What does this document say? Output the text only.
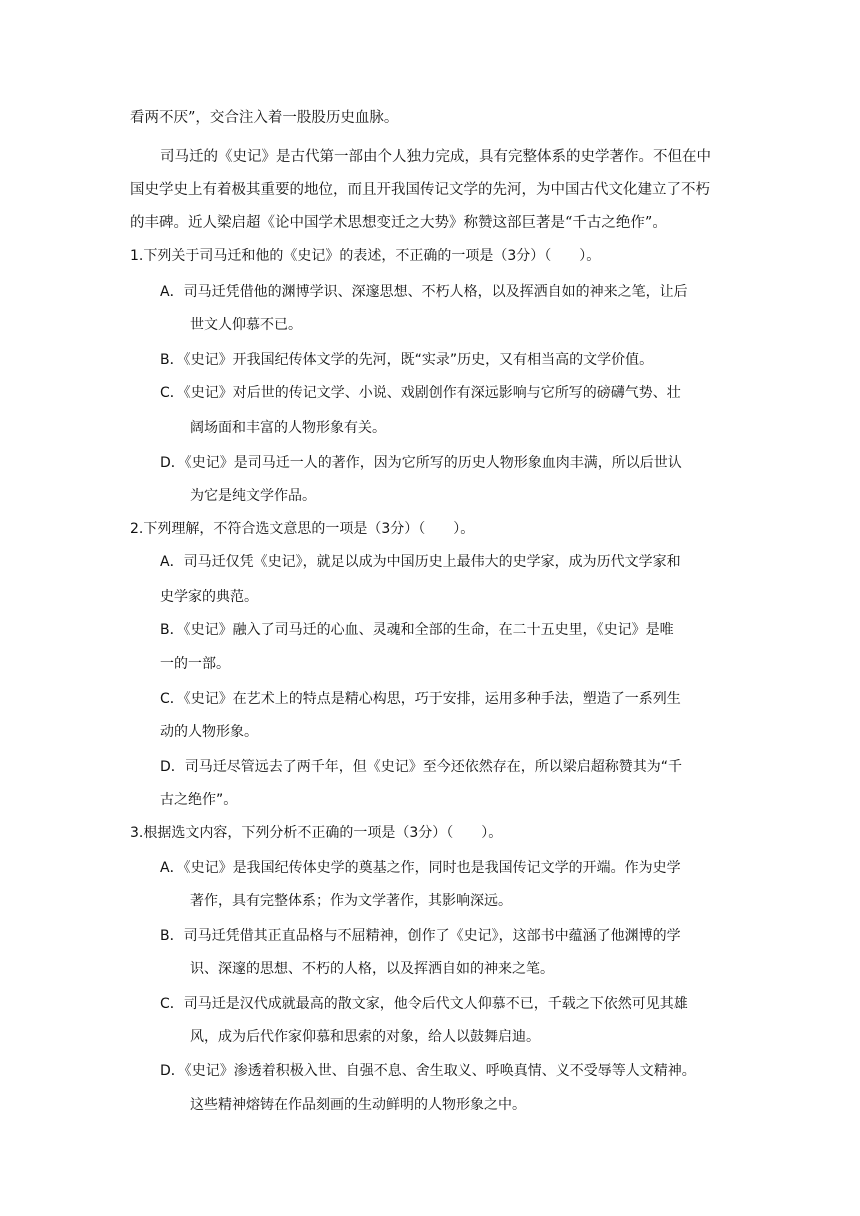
看两不厌”，交合注入着一股股历史血脉。
司马迁的《史记》是古代第一部由个人独力完成，具有完整体系的史学著作。不但在中
国史学史上有着极其重要的地位，而且开我国传记文学的先河，为中国古代文化建立了不朽
的丰碑。近人梁启超《论中国学术思想变迁之大势》称赞这部巨著是“千古之绝作”。
1.下列关于司马迁和他的《史记》的表述，不正确的一项是（3分）（　　）。
A．司马迁凭借他的渊博学识、深邃思想、不朽人格，以及挥洒自如的神来之笔，让后
世文人仰慕不已。
B．《史记》开我国纪传体文学的先河，既“实录”历史，又有相当高的文学价值。
C．《史记》对后世的传记文学、小说、戏剧创作有深远影响与它所写的磅礴气势、壮
阔场面和丰富的人物形象有关。
D．《史记》是司马迁一人的著作，因为它所写的历史人物形象血肉丰满，所以后世认
为它是纯文学作品。
2.下列理解，不符合选文意思的一项是（3分）（　　）。
A．司马迁仅凭《史记》，就足以成为中国历史上最伟大的史学家，成为历代文学家和
史学家的典范。
B．《史记》融入了司马迁的心血、灵魂和全部的生命，在二十五史里，《史记》是唯
一的一部。
C．《史记》在艺术上的特点是精心构思，巧于安排，运用多种手法，塑造了一系列生
动的人物形象。
D．司马迁尽管远去了两千年，但《史记》至今还依然存在，所以梁启超称赞其为“千
古之绝作”。
3.根据选文内容，下列分析不正确的一项是（3分）（　　）。
A．《史记》是我国纪传体史学的奠基之作，同时也是我国传记文学的开端。作为史学
著作，具有完整体系；作为文学著作，其影响深远。
B．司马迁凭借其正直品格与不屈精神，创作了《史记》，这部书中蕴涵了他渊博的学
识、深邃的思想、不朽的人格，以及挥洒自如的神来之笔。
C．司马迁是汉代成就最高的散文家，他令后代文人仰慕不已，千载之下依然可见其雄
风，成为后代作家仰慕和思索的对象，给人以鼓舞启迪。
D．《史记》渗透着积极入世、自强不息、舍生取义、呼唤真情、义不受辱等人文精神。
这些精神熔铸在作品刻画的生动鲜明的人物形象之中。
